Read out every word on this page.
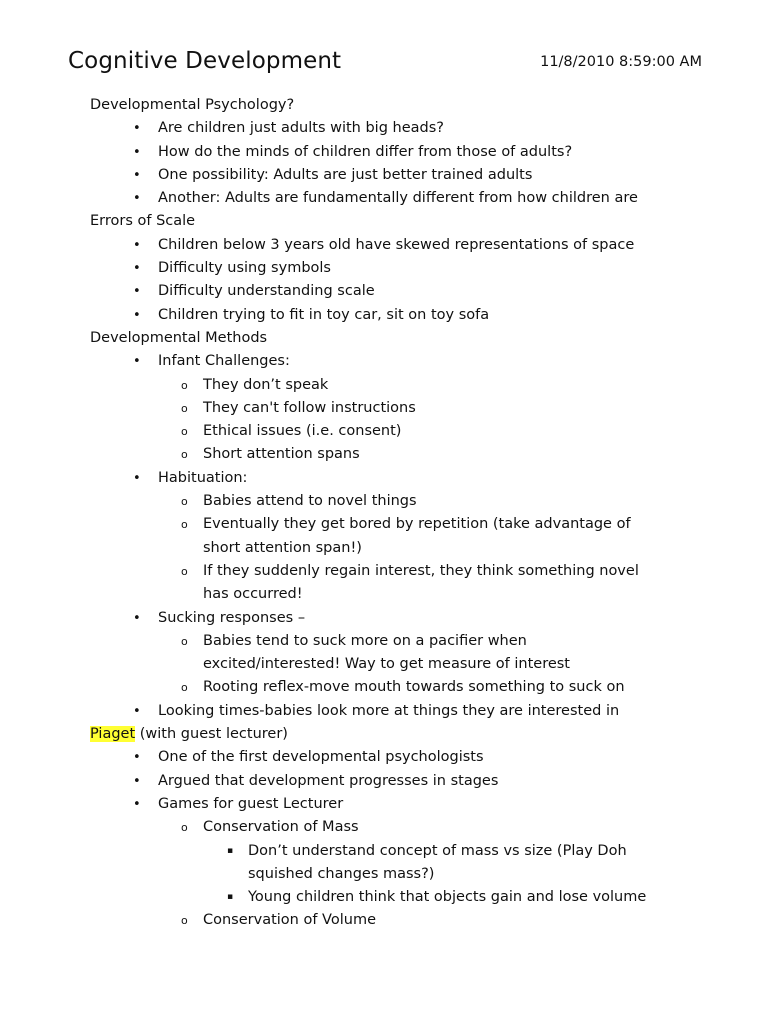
Cognitive Development	11/8/2010 8:59:00 AM
Developmental Psychology?
• Are children just adults with big heads?
• How do the minds of children differ from those of adults?
• One possibility: Adults are just better trained adults
• Another: Adults are fundamentally different from how children are
Errors of Scale
• Children below 3 years old have skewed representations of space
• Difficulty using symbols
• Difficulty understanding scale
• Children trying to fit in toy car, sit on toy sofa
Developmental Methods
• Infant Challenges:
o They don’t speak
o They can't follow instructions
o Ethical issues (i.e. consent)
o Short attention spans
• Habituation:
o Babies attend to novel things
o Eventually they get bored by repetition (take advantage of
short attention span!)
o If they suddenly regain interest, they think something novel
has occurred!
• Sucking responses –
o Babies tend to suck more on a pacifier when
excited/interested! Way to get measure of interest
o Rooting reflex-move mouth towards something to suck on
• Looking times-babies look more at things they are interested in
Piaget (with guest lecturer)
• One of the first developmental psychologists
• Argued that development progresses in stages
• Games for guest Lecturer
o Conservation of Mass
▪ Don’t understand concept of mass vs size (Play Doh
squished changes mass?)
▪ Young children think that objects gain and lose volume
o Conservation of Volume
